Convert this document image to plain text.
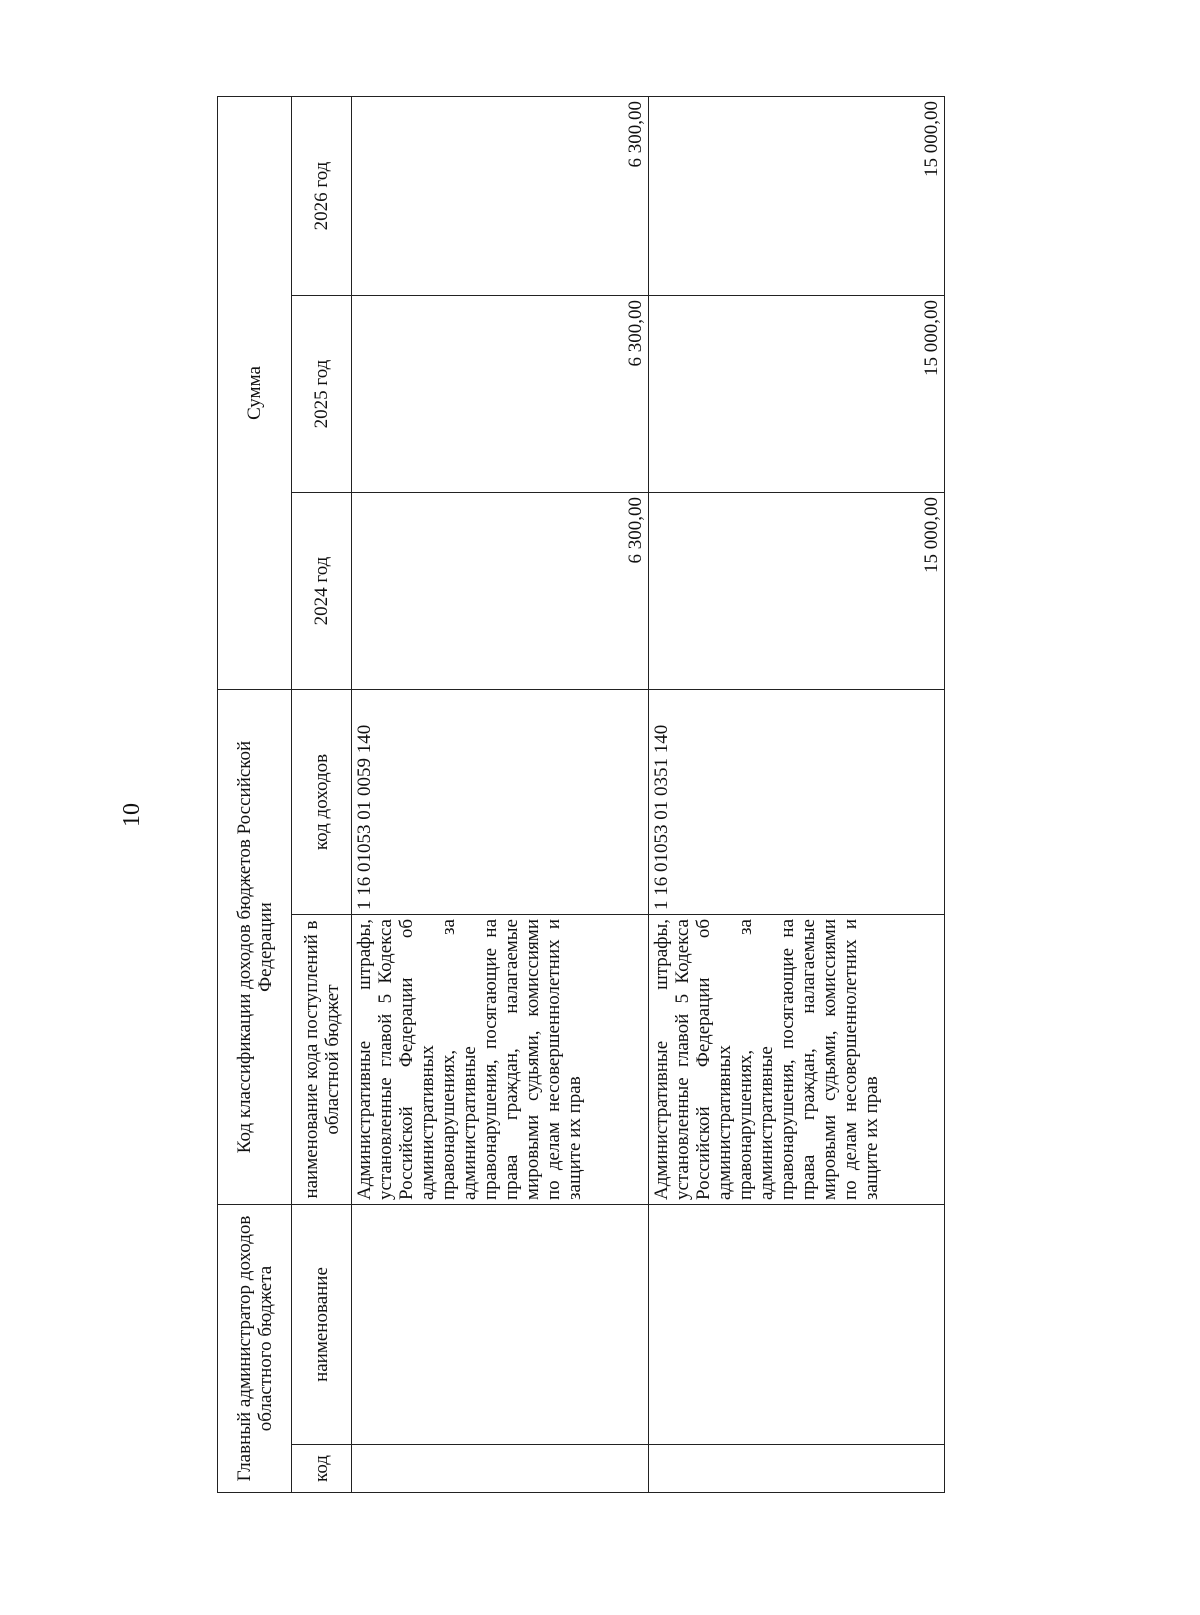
10
Главный администратор доходов областного бюджета		Код классификации доходов бюджетов Российской Федерации		Сумма		
код	наименование	наименование кода поступлений в областной бюджет	код доходов	2024 год	2025 год	2026 год
		Административные штрафы, установленные главой 5 Кодекса Российской Федерации об административных правонарушениях, за административные правонарушения, посягающие на права граждан, налагаемые мировыми судьями, комиссиями по делам несовершеннолетних и защите их прав	1 16 01053 01 0059 140	6 300,00	6 300,00	6 300,00
		Административные штрафы, установленные главой 5 Кодекса Российской Федерации об административных правонарушениях, за административные правонарушения, посягающие на права граждан, налагаемые мировыми судьями, комиссиями по делам несовершеннолетних и защите их прав	1 16 01053 01 0351 140	15 000,00	15 000,00	15 000,00
